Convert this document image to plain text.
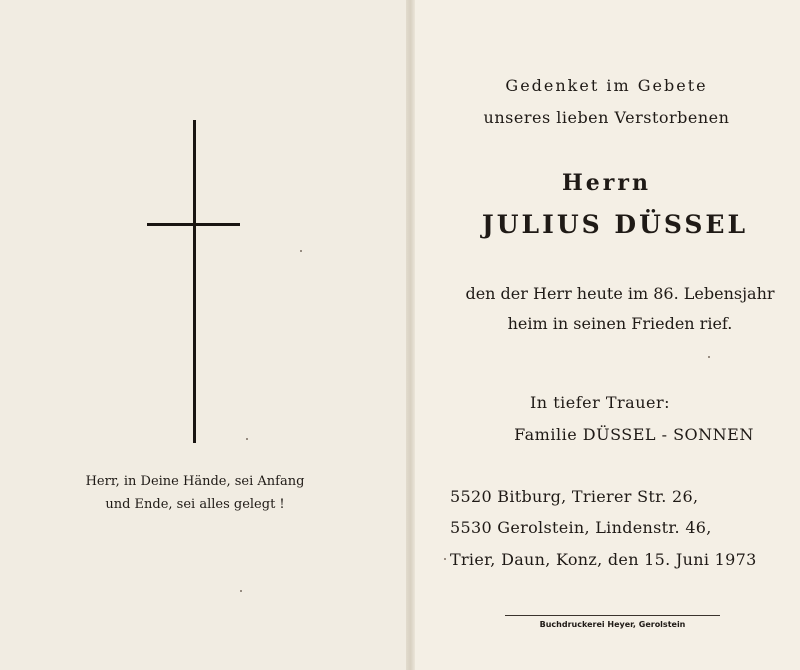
Herr, in Deine Hände, sei Anfang
und Ende, sei alles gelegt !
Gedenket im Gebete
unseres lieben Verstorbenen
Herrn
JULIUS DÜSSEL
den der Herr heute im 86. Lebensjahr
heim in seinen Frieden rief.
In tiefer Trauer:
Familie DÜSSEL - SONNEN
5520 Bitburg, Trierer Str. 26,
5530 Gerolstein, Lindenstr. 46,
Trier, Daun, Konz, den 15. Juni 1973
Buchdruckerei Heyer, Gerolstein
